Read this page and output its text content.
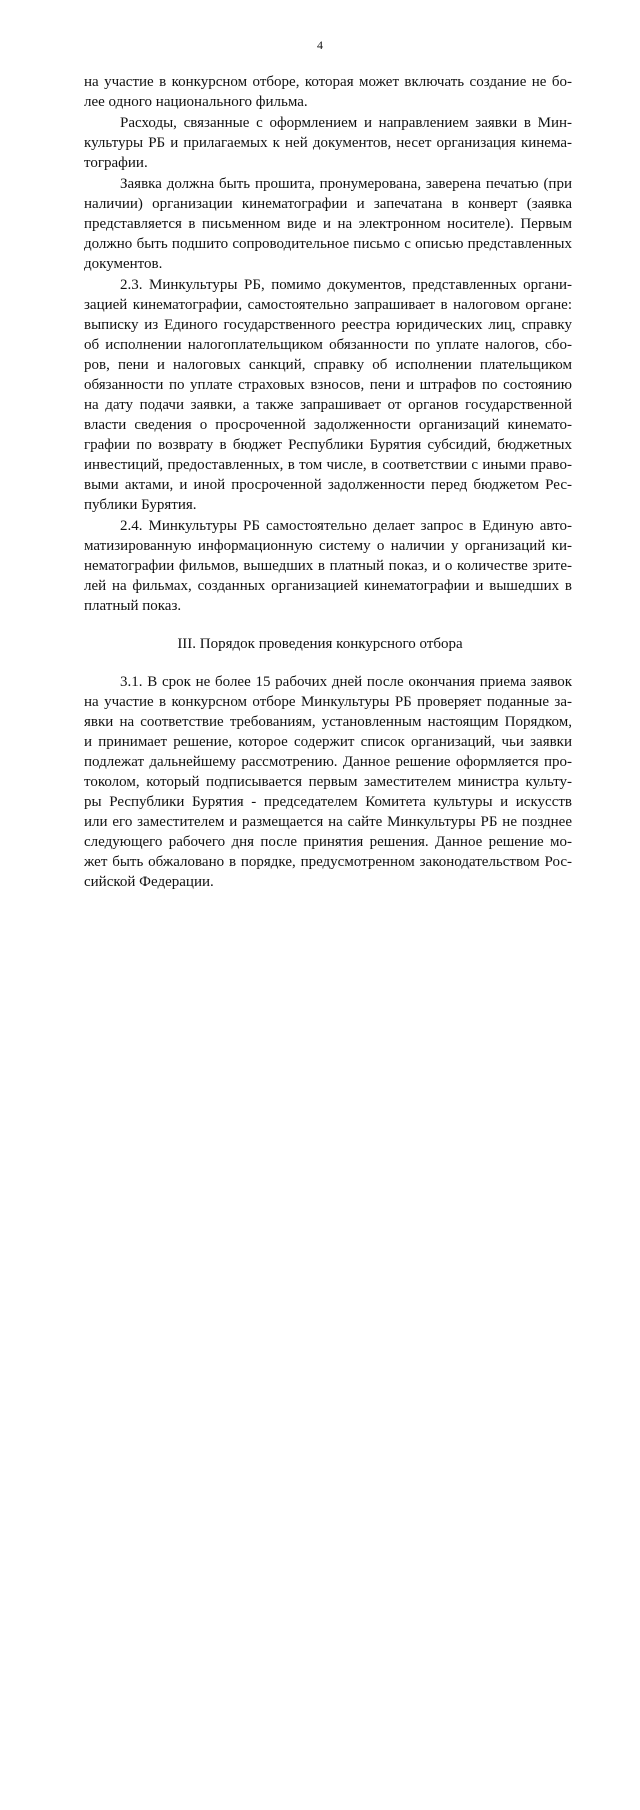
4
на участие в конкурсном отборе, которая может включать создание не бо-
лее одного национального фильма.
Расходы, связанные с оформлением и направлением заявки в Мин-
культуры РБ и прилагаемых к ней документов, несет организация кинема-
тографии.
Заявка должна быть прошита, пронумерована, заверена печатью (при
наличии) организации кинематографии и запечатана в конверт (заявка
представляется в письменном виде и на электронном носителе). Первым
должно быть подшито сопроводительное письмо с описью представленных
документов.
2.3. Минкультуры РБ, помимо документов, представленных органи-
зацией кинематографии, самостоятельно запрашивает в налоговом органе:
выписку из Единого государственного реестра юридических лиц, справку
об исполнении налогоплательщиком обязанности по уплате налогов, сбо-
ров, пени и налоговых санкций, справку об исполнении плательщиком
обязанности по уплате страховых взносов, пени и штрафов по состоянию
на дату подачи заявки, а также запрашивает от органов государственной
власти сведения о просроченной задолженности организаций кинемато-
графии по возврату в бюджет Республики Бурятия субсидий, бюджетных
инвестиций, предоставленных, в том числе, в соответствии с иными право-
выми актами, и иной просроченной задолженности перед бюджетом Рес-
публики Бурятия.
2.4. Минкультуры РБ самостоятельно делает запрос в Единую авто-
матизированную информационную систему о наличии у организаций ки-
нематографии фильмов, вышедших в платный показ, и о количестве зрите-
лей на фильмах, созданных организацией кинематографии и вышедших в
платный показ.
III. Порядок проведения конкурсного отбора
3.1. В срок не более 15 рабочих дней после окончания приема заявок
на участие в конкурсном отборе Минкультуры РБ проверяет поданные за-
явки на соответствие требованиям, установленным настоящим Порядком,
и принимает решение, которое содержит список организаций, чьи заявки
подлежат дальнейшему рассмотрению. Данное решение оформляется про-
токолом, который подписывается первым заместителем министра культу-
ры Республики Бурятия - председателем Комитета культуры и искусств
или его заместителем и размещается на сайте Минкультуры РБ не позднее
следующего рабочего дня после принятия решения. Данное решение мо-
жет быть обжаловано в порядке, предусмотренном законодательством Рос-
сийской Федерации.
